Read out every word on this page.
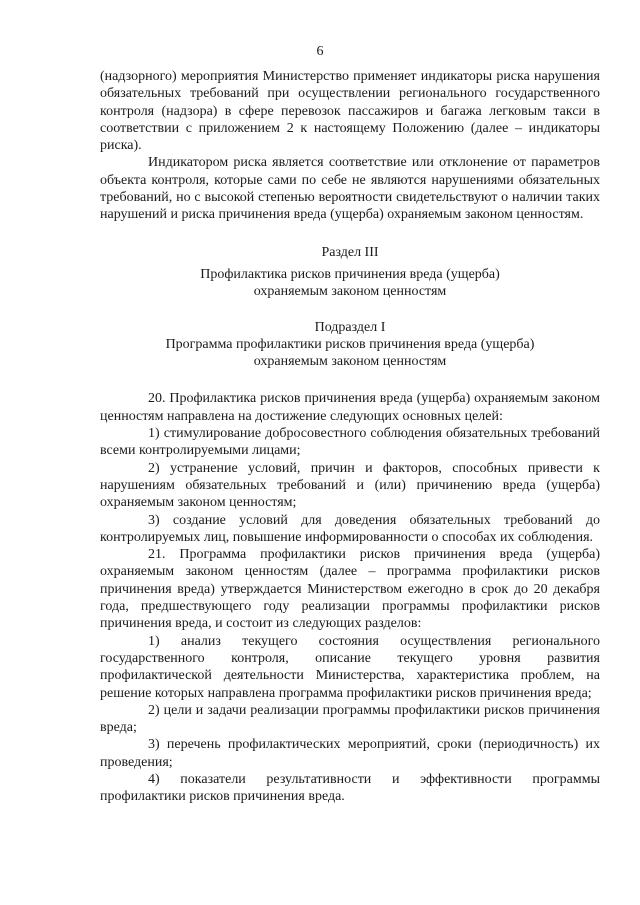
6

(надзорного) мероприятия Министерство применяет индикаторы риска нарушения обязательных требований при осуществлении регионального государственного контроля (надзора) в сфере перевозок пассажиров и багажа легковым такси в соответствии с приложением 2 к настоящему Положению (далее – индикаторы риска).

Индикатором риска является соответствие или отклонение от параметров объекта контроля, которые сами по себе не являются нарушениями обязательных требований, но с высокой степенью вероятности свидетельствуют о наличии таких нарушений и риска причинения вреда (ущерба) охраняемым законом ценностям.

Раздел III

Профилактика рисков причинения вреда (ущерба)

охраняемым законом ценностям

Подраздел I

Программа профилактики рисков причинения вреда (ущерба)

охраняемым законом ценностям

20. Профилактика рисков причинения вреда (ущерба) охраняемым законом ценностям направлена на достижение следующих основных целей:

1) стимулирование добросовестного соблюдения обязательных требований всеми контролируемыми лицами;

2) устранение условий, причин и факторов, способных привести к нарушениям обязательных требований и (или) причинению вреда (ущерба) охраняемым законом ценностям;

3) создание условий для доведения обязательных требований до контролируемых лиц, повышение информированности о способах их соблюдения.

21. Программа профилактики рисков причинения вреда (ущерба) охраняемым законом ценностям (далее – программа профилактики рисков причинения вреда) утверждается Министерством ежегодно в срок до 20 декабря года, предшествующего году реализации программы профилактики рисков причинения вреда, и состоит из следующих разделов:

1) анализ текущего состояния осуществления регионального государственного контроля, описание текущего уровня развития профилактической деятельности Министерства, характеристика проблем, на решение которых направлена программа профилактики рисков причинения вреда;

2) цели и задачи реализации программы профилактики рисков причинения вреда;

3) перечень профилактических мероприятий, сроки (периодичность) их проведения;

4) показатели результативности и эффективности программы профилактики рисков причинения вреда.
